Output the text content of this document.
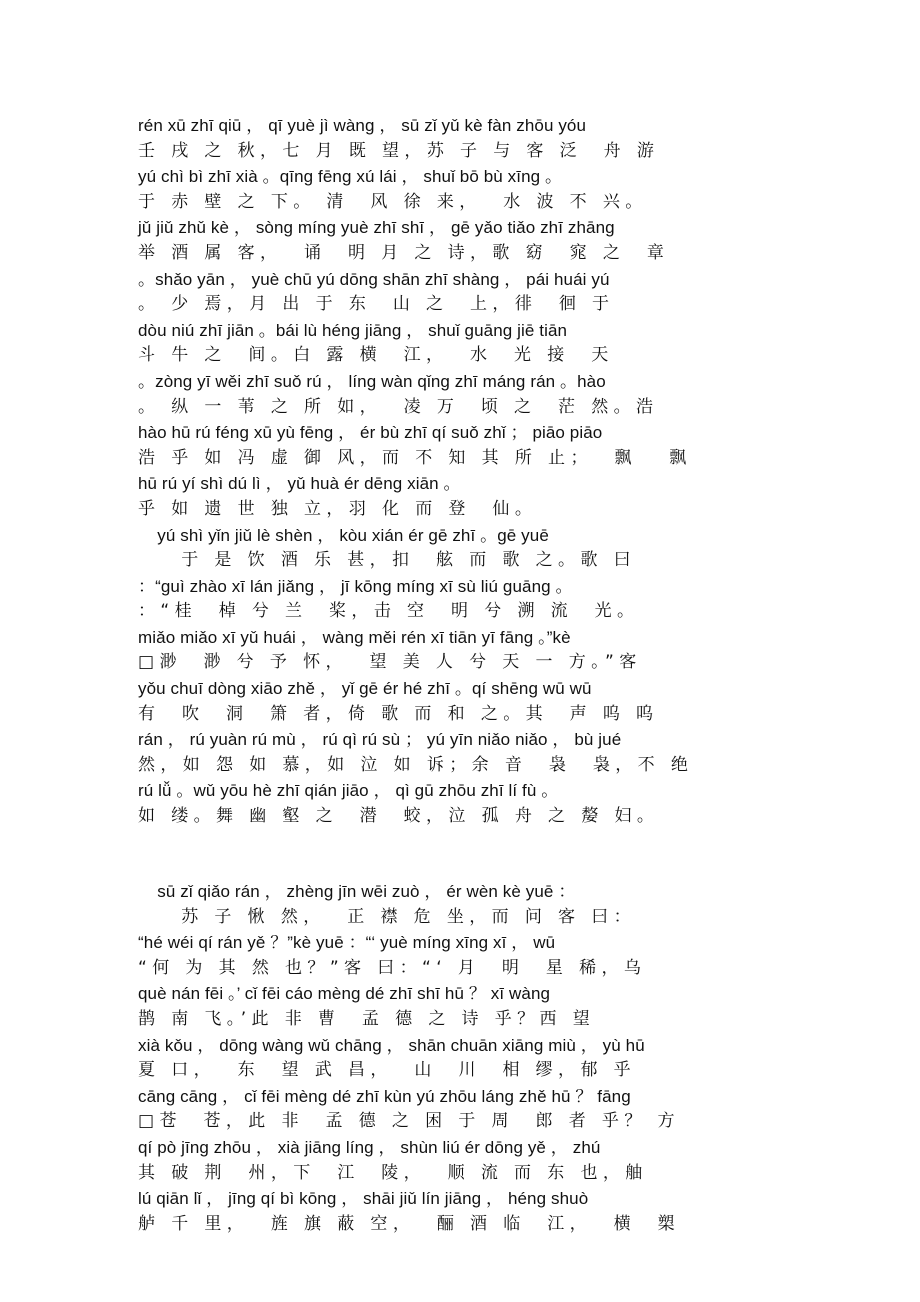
rén xū zhī qiū ， qī yuè jì wàng ， sū zǐ yǔ kè fàn zhōu yóu
壬 戌 之 秋，七 月 既 望，苏 子 与 客 泛  舟 游
yú chì bì zhī xià 。qīng fēng xú lái ， shuǐ bō bù xīng 。
于 赤 壁 之 下。 清  风 徐 来，  水 波 不 兴。
jǔ jiǔ zhǔ kè ， sòng míng yuè zhī shī ， gē yǎo tiǎo zhī zhāng
举 酒 属 客，  诵  明 月 之 诗，歌 窈  窕 之  章
。shǎo yān ， yuè chū yú dōng shān zhī shàng ， pái huái yú
。 少 焉，月 出 于 东  山 之  上，徘  徊 于
dòu niú zhī jiān 。bái lù héng jiāng ， shuǐ guāng jiē tiān
斗 牛 之  间。白 露 横  江，  水  光 接  天
。zòng yī wěi zhī suǒ rú ， líng wàn qǐng zhī máng rán 。hào
。 纵 一 苇 之 所 如，  凌 万  顷 之  茫 然。浩
hào hū rú féng xū yù fēng ， ér bù zhī qí suǒ zhǐ ； piāo piāo
浩 乎 如 冯 虚 御 风，而 不 知 其 所 止；  飘   飘
hū rú yí shì dú lì ， yǔ huà ér dēng xiān 。
乎 如 遗 世 独 立，羽 化 而 登  仙。
yú shì yǐn jiǔ lè shèn ， kòu xián ér gē zhī 。gē yuē
于 是 饮 酒 乐 甚，扣  舷 而 歌 之。歌 曰
：“guì zhào xī lán jiǎng ， jī kōng míng xī sù liú guāng 。
：“桂  棹 兮 兰  桨，击 空  明 兮 溯 流  光。
miǎo miǎo xī yǔ huái ， wàng měi rén xī tiān yī fāng 。”kè
□渺  渺 兮 予 怀，  望 美 人 兮 天 一 方。”客
yǒu chuī dòng xiāo zhě ， yǐ gē ér hé zhī 。qí shēng wū wū
有  吹  洞  箫 者，倚 歌 而 和 之。其  声 呜 呜
rán ， rú yuàn rú mù ， rú qì rú sù ； yú yīn niǎo niǎo ， bù jué
然，如 怨 如 慕，如 泣 如 诉；余 音  袅  袅，不 绝
rú lǚ 。wǔ yōu hè zhī qián jiāo ， qì gū zhōu zhī lí fù 。
如 缕。舞 幽 壑 之  潜  蛟，泣 孤 舟 之 嫠 妇。
sū zǐ qiǎo rán ， zhèng jīn wēi zuò ， ér wèn kè yuē ：
苏 子 愀 然，  正 襟 危 坐，而 问 客 曰：
“hé wéi qí rán yě ？”kè yuē ：“‘ yuè míng xīng xī ， wū
“何 为 其 然 也？”客 曰：“‘ 月  明  星 稀，乌
què nán fēi 。’ cǐ fēi cáo mèng dé zhī shī hū ？ xī wàng
鹊 南 飞。’此 非 曹  孟 德 之 诗 乎？西 望
xià kǒu ， dōng wàng wǔ chāng ， shān chuān xiāng miù ， yù hū
夏 口，  东  望 武 昌，  山  川  相 缪，郁 乎
cāng cāng ， cǐ fēi mèng dé zhī kùn yú zhōu láng zhě hū ？ fāng
□苍  苍，此 非  孟 德 之 困 于 周  郎 者 乎？ 方
qí pò jīng zhōu ， xià jiāng líng ， shùn liú ér dōng yě ， zhú
其 破 荆  州，下  江  陵，  顺 流 而 东 也，舳
lú qiān lǐ ， jīng qí bì kōng ， shāi jiǔ lín jiāng ， héng shuò
舻 千 里，  旌 旗 蔽 空，  酾 酒 临  江，  横  槊
